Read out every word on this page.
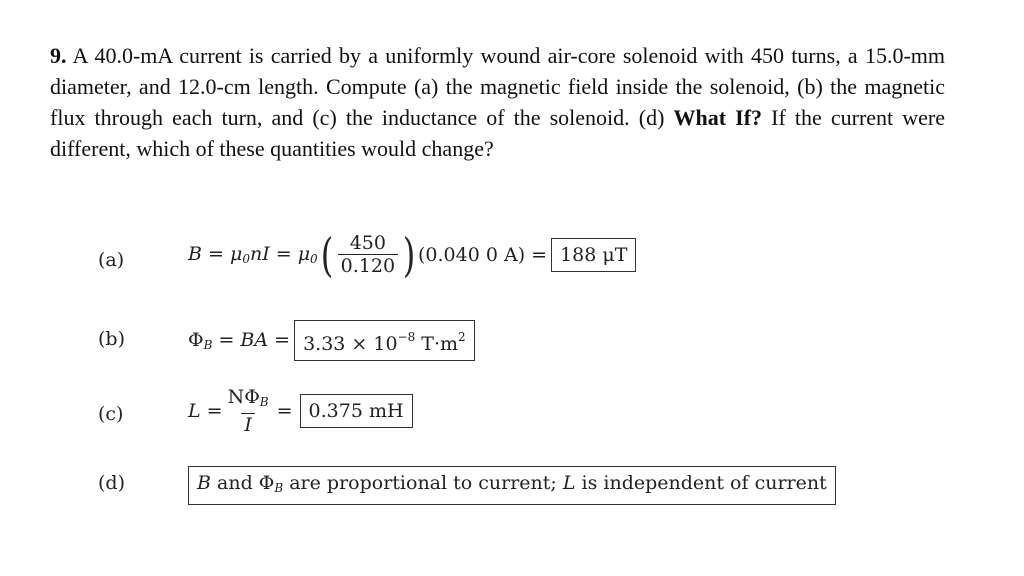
9. A 40.0-mA current is carried by a uniformly wound air-core solenoid with 450 turns, a 15.0-mm diameter, and 12.0-cm length. Compute (a) the magnetic field inside the solenoid, (b) the magnetic flux through each turn, and (c) the inductance of the solenoid. (d) What If? If the current were different, which of these quantities would change?
(a)	$B = \mu_0nI = \mu_0$ ( $\frac{450}{0.120}$ ) (0.040 0 A) = 188 μT
(b)	$\Phi_B$ = BA = $3.33 \times 10^{-8}$ $T\cdot m^2$
(c)	$L = \frac{N\Phi_B}{I} = 0.375$ mH
(d)	B and $\Phi_B$ are proportional to current; L is independent of current
